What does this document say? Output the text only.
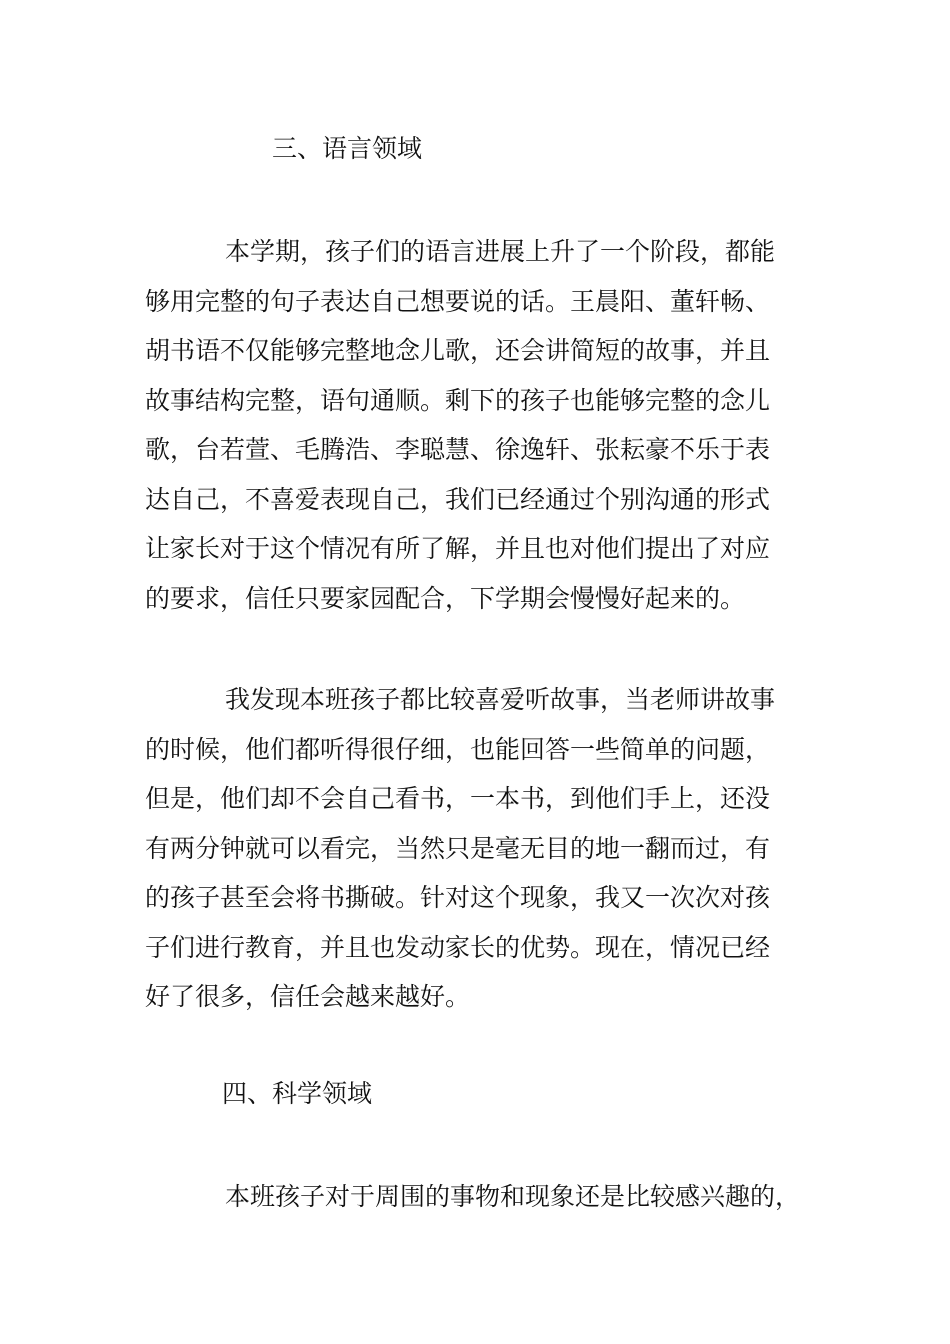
三、语言领域
本学期，孩子们的语言进展上升了一个阶段，都能
够用完整的句子表达自己想要说的话。王晨阳、董轩畅、
胡书语不仅能够完整地念儿歌，还会讲简短的故事，并且
故事结构完整，语句通顺。剩下的孩子也能够完整的念儿
歌，台若萱、毛腾浩、李聪慧、徐逸轩、张耘豪不乐于表
达自己，不喜爱表现自己，我们已经通过个别沟通的形式
让家长对于这个情况有所了解，并且也对他们提出了对应
的要求，信任只要家园配合，下学期会慢慢好起来的。
我发现本班孩子都比较喜爱听故事，当老师讲故事
的时候，他们都听得很仔细，也能回答一些简单的问题，
但是，他们却不会自己看书，一本书，到他们手上，还没
有两分钟就可以看完，当然只是毫无目的地一翻而过，有
的孩子甚至会将书撕破。针对这个现象，我又一次次对孩
子们进行教育，并且也发动家长的优势。现在，情况已经
好了很多，信任会越来越好。
四、科学领域
本班孩子对于周围的事物和现象还是比较感兴趣的，
